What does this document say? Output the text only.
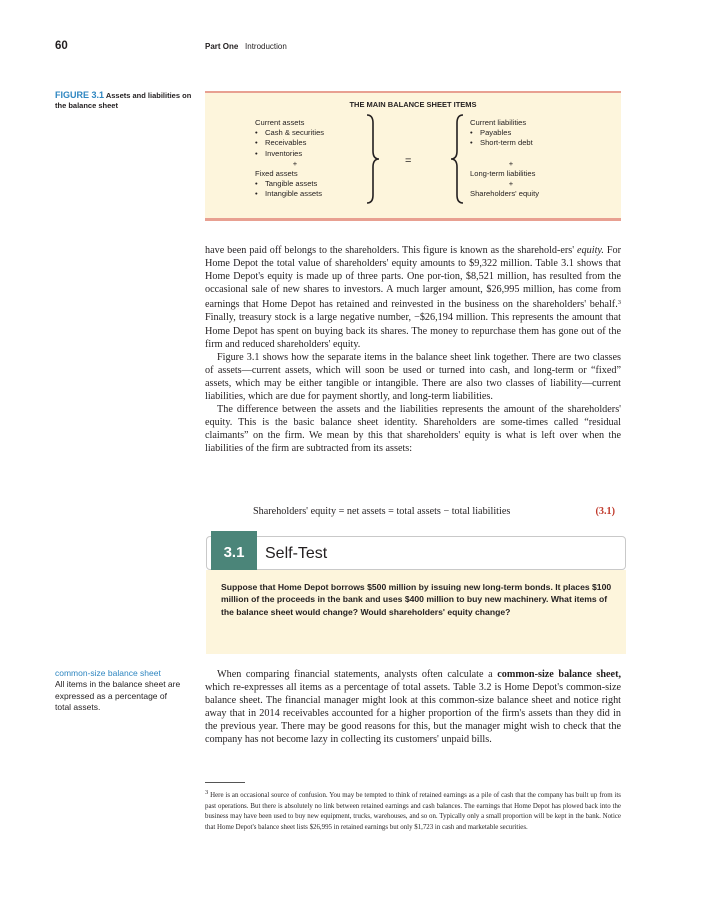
60	Part One Introduction
FIGURE 3.1 Assets and liabilities on the balance sheet	THE MAIN BALANCE SHEET ITEMS
Current assets
• Cash & securities
• Receivables
• Inventories
+
Fixed assets
• Tangible assets
• Intangible assets
=
Current liabilities
• Payables
• Short-term debt

+
Long-term liabilities
+
Shareholders' equity

have been paid off belongs to the shareholders. This figure is known as the sharehold-ers' equity. For Home Depot the total value of shareholders' equity amounts to $9,322 million. Table 3.1 shows that Home Depot's equity is made up of three parts. One por-tion, $8,521 million, has resulted from the occasional sale of new shares to investors. A much larger amount, $26,995 million, has come from earnings that Home Depot has retained and reinvested in the business on the shareholders' behalf.$^3$ Finally, treasury stock is a large negative number, −$26,194 million. This represents the amount that Home Depot has spent on buying back its shares. The money to repurchase them has gone out of the firm and reduced shareholders' equity.

Figure 3.1 shows how the separate items in the balance sheet link together. There are two classes of assets—current assets, which will soon be used or turned into cash, and long-term or “fixed” assets, which may be either tangible or intangible. There are also two classes of liability—current liabilities, which are due for payment shortly, and long-term liabilities.

The difference between the assets and the liabilities represents the amount of the shareholders' equity. This is the basic balance sheet identity. Shareholders are some-times called “residual claimants” on the firm. We mean by this that shareholders' equity is what is left over when the liabilities of the firm are subtracted from its assets:

Shareholders' equity = net assets = total assets − total liabilities	(3.1)
Self-Test
3.1
Suppose that Home Depot borrows $500 million by issuing new long-term bonds. It places $100 million of the proceeds in the bank and uses $400 million to buy new machinery. What items of the balance sheet would change? Would shareholders' equity change?
common-size balance sheet
All items in the balance sheet are expressed as a percentage of total assets.

When comparing financial statements, analysts often calculate a common-size balance sheet, which re-expresses all items as a percentage of total assets. Table 3.2 is Home Depot's common-size balance sheet. The financial manager might look at this common-size balance sheet and notice right away that in 2014 receivables accounted for a higher proportion of the firm's assets than they did in the previous year. There may be good reasons for this, but the manager might wish to check that the company has not become lazy in collecting its customers' unpaid bills.

3 Here is an occasional source of confusion. You may be tempted to think of retained earnings as a pile of cash that the company has built up from its past operations. But there is absolutely no link between retained earnings and cash balances. The earnings that Home Depot has plowed back into the business may have been used to buy new equipment, trucks, warehouses, and so on. Typically only a small proportion will be kept in the bank. Notice that Home Depot's balance sheet lists $26,995 in retained earnings but only $1,723 in cash and marketable securities.
